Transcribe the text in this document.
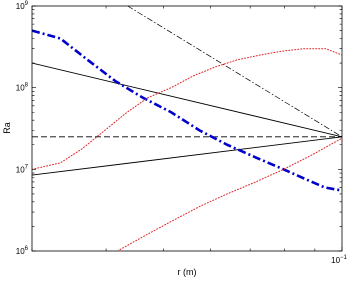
$10^6$
$10^7$
$10^8$
$10^9$
$10^{-1}$
r (m)
Ra
